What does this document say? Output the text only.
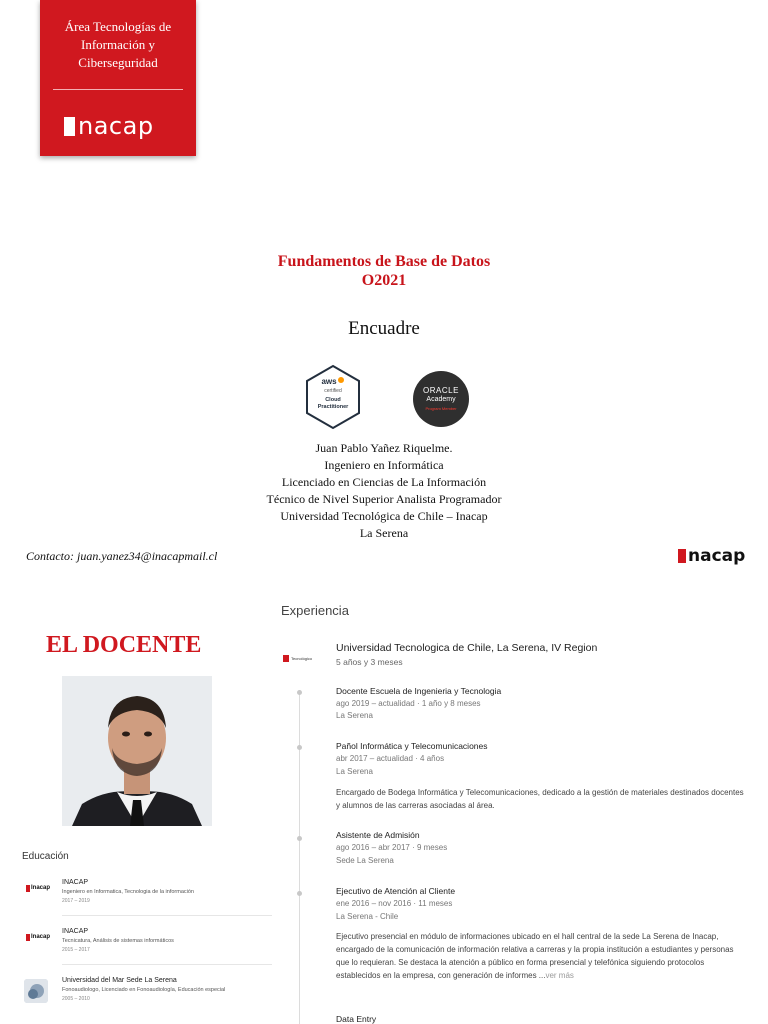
Área Tecnologías de
Información y
Ciberseguridad
nacap
Fundamentos de Base de Datos
O2021
Encuadre
aws
certified
Cloud
Practitioner
ORACLE
Academy
Program Member
Juan Pablo Yañez Riquelme.
Ingeniero en Informática
Licenciado en Ciencias de La Información
Técnico de Nivel Superior Analista Programador
Universidad Tecnológica de Chile – Inacap
La Serena
Contacto: juan.yanez34@inacapmail.cl	nacap
EL DOCENTE
Educación
Inacap
INACAP
Ingeniero en Informatica, Tecnologia de la información
2017 – 2019
Inacap
INACAP
Tecnicatura, Análisis de sistemas informáticos
2015 – 2017
Universidad del Mar Sede La Serena
Fonoaudiologo, Licenciado en Fonoaudiología, Educación especial
2005 – 2010
Experiencia
Tecnológico
Universidad Tecnologica de Chile, La Serena, IV Region
5 años y 3 meses
Docente Escuela de Ingenieria y Tecnologia
ago 2019 – actualidad · 1 año y 8 meses
La Serena
Pañol Informática y Telecomunicaciones
abr 2017 – actualidad · 4 años
La Serena
Encargado de Bodega Informática y Telecomunicaciones, dedicado a la gestión de materiales destinados docentes y alumnos de las carreras asociadas al área.
Asistente de Admisión
ago 2016 – abr 2017 · 9 meses
Sede La Serena
Ejecutivo de Atención al Cliente
ene 2016 – nov 2016 · 11 meses
La Serena - Chile
Ejecutivo presencial en módulo de informaciones ubicado en el hall central de la sede La Serena de Inacap, encargado de la comunicación de información relativa a carreras y la propia institución a estudiantes y personas que lo requieran. Se destaca la atención a público en forma presencial y telefónica siguiendo protocolos establecidos en la empresa, con generación de informes ...ver más
Data Entry
